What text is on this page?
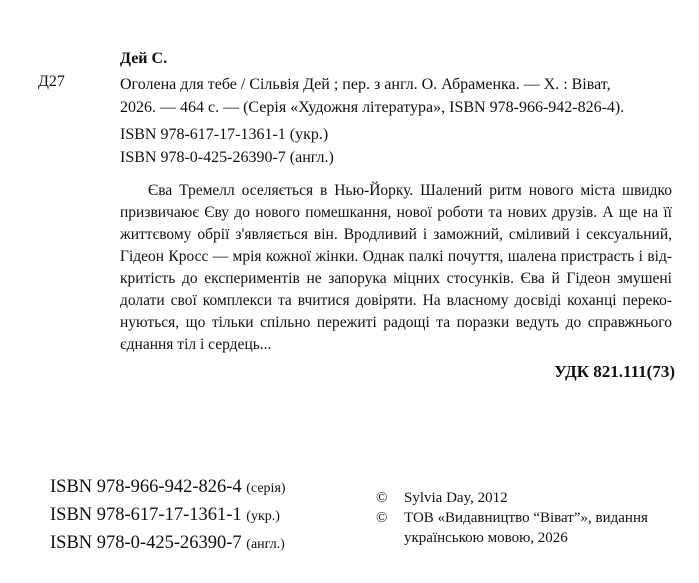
Дей С.
Д27	Оголена для тебе / Сільвія Дей ; пер. з англ. О. Абраменка. — Х. : Віват,
2026. — 464 с. — (Серія «Художня література», ISBN 978-966-942-826-4).
ISBN 978-617-17-1361-1 (укр.)
ISBN 978-0-425-26390-7 (англ.)
Єва Тремелл оселяється в Нью-Йорку. Шалений ритм нового міста швидко
призвичаює Єву до нового помешкання, нової роботи та нових друзів. А ще на її
життєвому обрії з'являється він. Вродливий і заможний, сміливий і сексуальний,
Гідеон Кросс — мрія кожної жінки. Однак палкі почуття, шалена пристрасть і від-
критість до експериментів не запорука міцних стосунків. Єва й Гідеон змушені
долати свої комплекси та вчитися довіряти. На власному досвіді коханці переко-
нуються, що тільки спільно пережиті радощі та поразки ведуть до справжнього
єднання тіл і сердець...
УДК 821.111(73)
ISBN 978-966-942-826-4 (серія)
ISBN 978-617-17-1361-1 (укр.)
ISBN 978-0-425-26390-7 (англ.)
© Sylvia Day, 2012
© ТОВ «Видавництво “Віват”», видання
українською мовою, 2026
